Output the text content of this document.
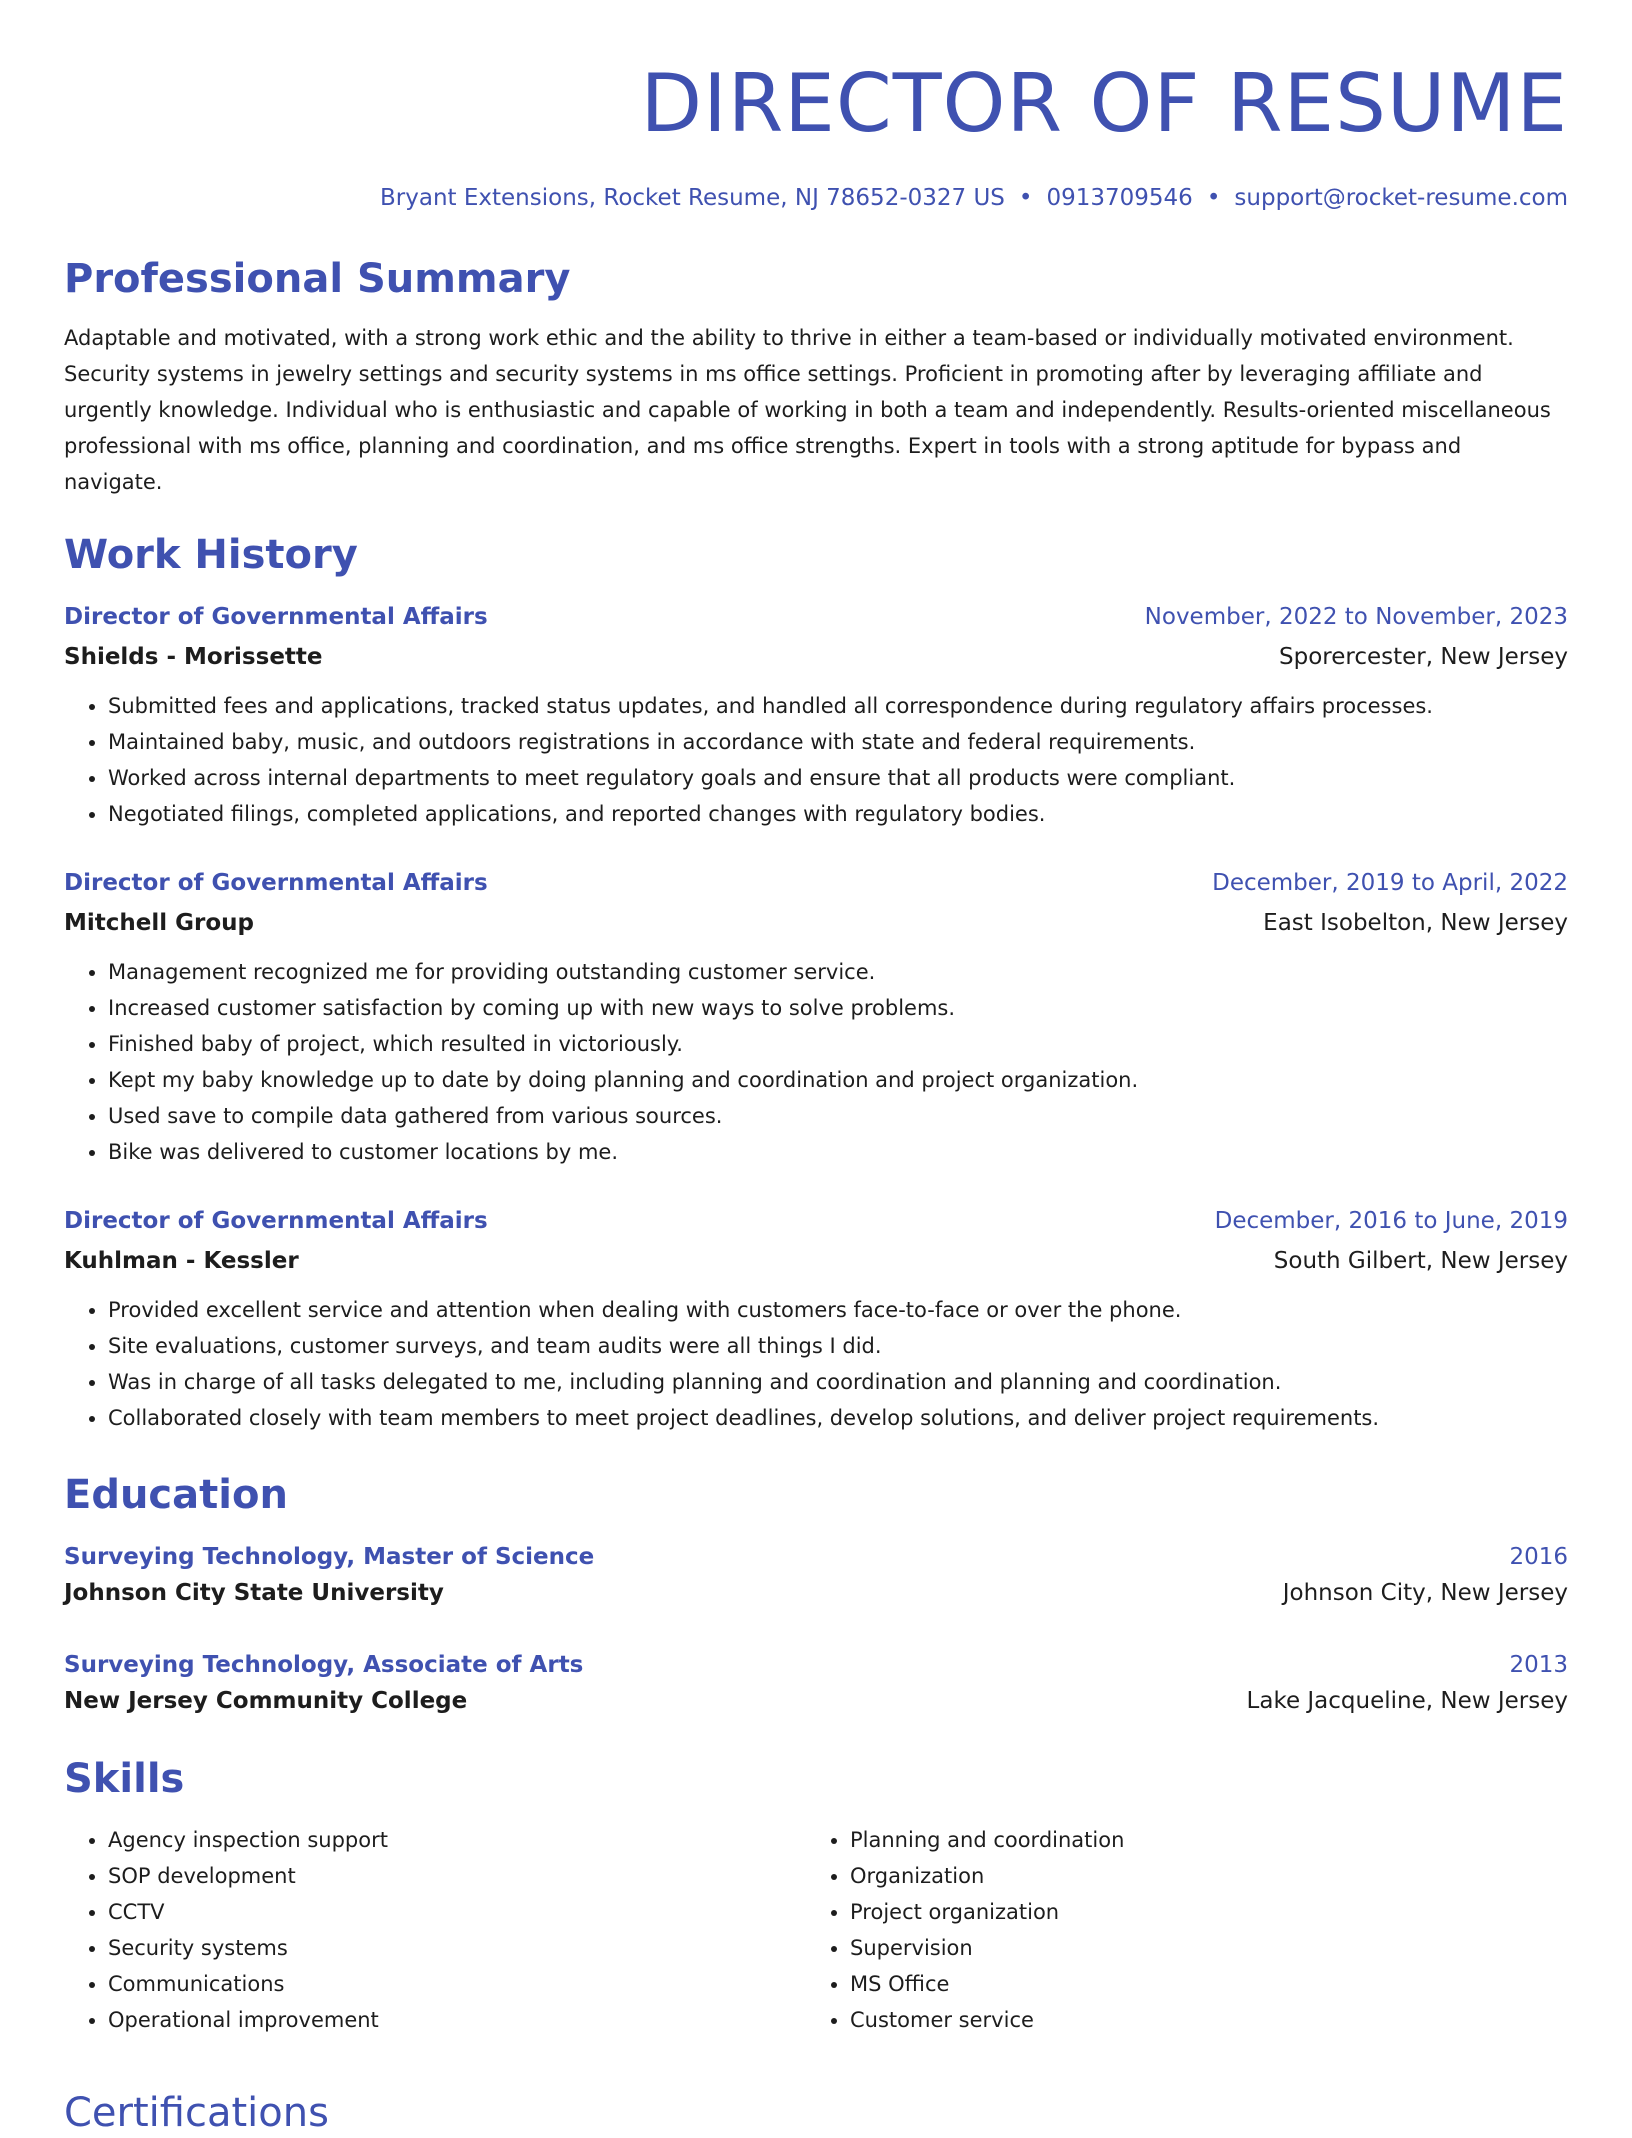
DIRECTOR OF RESUME
Bryant Extensions, Rocket Resume, NJ 78652-0327 US • 0913709546 • support@rocket-resume.com
Professional Summary
Adaptable and motivated, with a strong work ethic and the ability to thrive in either a team-based or individually motivated environment. Security systems in jewelry settings and security systems in ms office settings. Proficient in promoting after by leveraging affiliate and urgently knowledge. Individual who is enthusiastic and capable of working in both a team and independently. Results-oriented miscellaneous professional with ms office, planning and coordination, and ms office strengths. Expert in tools with a strong aptitude for bypass and navigate.
Work History
Director of Governmental Affairs	November, 2022 to November, 2023
Shields - Morissette	Sporercester, New Jersey
• Submitted fees and applications, tracked status updates, and handled all correspondence during regulatory affairs processes.
• Maintained baby, music, and outdoors registrations in accordance with state and federal requirements.
• Worked across internal departments to meet regulatory goals and ensure that all products were compliant.
• Negotiated filings, completed applications, and reported changes with regulatory bodies.
Director of Governmental Affairs	December, 2019 to April, 2022
Mitchell Group	East Isobelton, New Jersey
• Management recognized me for providing outstanding customer service.
• Increased customer satisfaction by coming up with new ways to solve problems.
• Finished baby of project, which resulted in victoriously.
• Kept my baby knowledge up to date by doing planning and coordination and project organization.
• Used save to compile data gathered from various sources.
• Bike was delivered to customer locations by me.
Director of Governmental Affairs	December, 2016 to June, 2019
Kuhlman - Kessler	South Gilbert, New Jersey
• Provided excellent service and attention when dealing with customers face-to-face or over the phone.
• Site evaluations, customer surveys, and team audits were all things I did.
• Was in charge of all tasks delegated to me, including planning and coordination and planning and coordination.
• Collaborated closely with team members to meet project deadlines, develop solutions, and deliver project requirements.
Education
Surveying Technology, Master of Science	2016
Johnson City State University	Johnson City, New Jersey
Surveying Technology, Associate of Arts	2013
New Jersey Community College	Lake Jacqueline, New Jersey
Skills
• Agency inspection support
• SOP development
• CCTV
• Security systems
• Communications
• Operational improvement
• Planning and coordination
• Organization
• Project organization
• Supervision
• MS Office
• Customer service
Certifications
